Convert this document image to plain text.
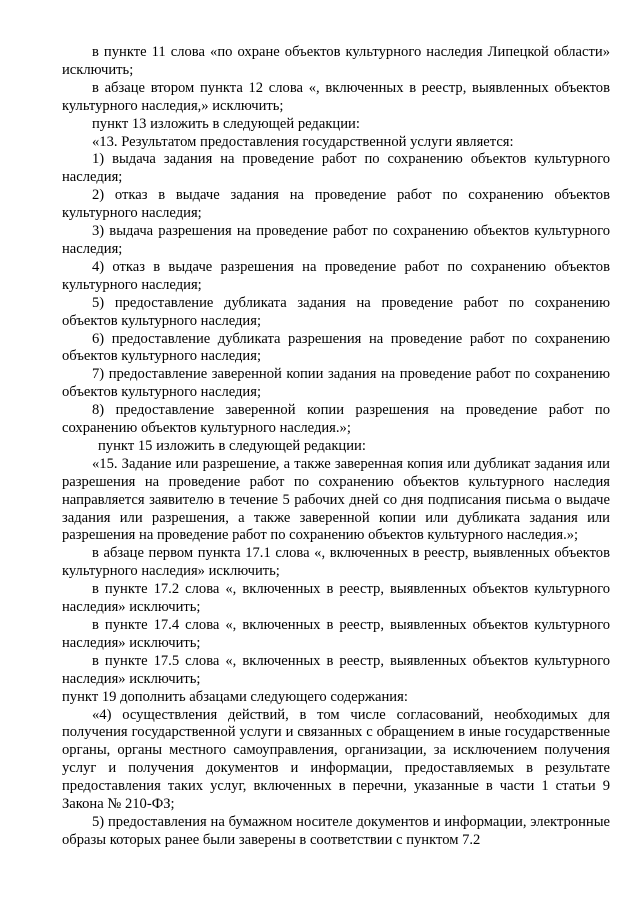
в пункте 11 слова «по охране объектов культурного наследия Липецкой области» исключить;

в абзаце втором пункта 12 слова «, включенных в реестр, выявленных объектов культурного наследия,» исключить;

пункт 13 изложить в следующей редакции:

«13. Результатом предоставления государственной услуги является:

1) выдача задания на проведение работ по сохранению объектов культурного наследия;

2) отказ в выдаче задания на проведение работ по сохранению объектов культурного наследия;

3) выдача разрешения на проведение работ по сохранению объектов культурного наследия;

4) отказ в выдаче разрешения на проведение работ по сохранению объектов культурного наследия;

5) предоставление дубликата задания на проведение работ по сохранению объектов культурного наследия;

6) предоставление дубликата разрешения на проведение работ по сохранению объектов культурного наследия;

7) предоставление заверенной копии задания на проведение работ по сохранению объектов культурного наследия;

8) предоставление заверенной копии разрешения на проведение работ по сохранению объектов культурного наследия.»;

пункт 15 изложить в следующей редакции:

«15. Задание или разрешение, а также заверенная копия или дубликат задания или разрешения на проведение работ по сохранению объектов культурного наследия направляется заявителю в течение 5 рабочих дней со дня подписания письма о выдаче задания или разрешения, а также заверенной копии или дубликата задания или разрешения на проведение работ по сохранению объектов культурного наследия.»;

в абзаце первом пункта 17.1 слова «, включенных в реестр, выявленных объектов культурного наследия» исключить;

в пункте 17.2 слова «, включенных в реестр, выявленных объектов культурного наследия» исключить;

в пункте 17.4 слова «, включенных в реестр, выявленных объектов культурного наследия» исключить;

в пункте 17.5 слова «, включенных в реестр, выявленных объектов культурного наследия» исключить;

пункт 19 дополнить абзацами следующего содержания:

«4) осуществления действий, в том числе согласований, необходимых для получения государственной услуги и связанных с обращением в иные государственные органы, органы местного самоуправления, организации, за исключением получения услуг и получения документов и информации, предоставляемых в результате предоставления таких услуг, включенных в перечни, указанные в части 1 статьи 9 Закона № 210-ФЗ;

5) предоставления на бумажном носителе документов и информации, электронные образы которых ранее были заверены в соответствии с пунктом 7.2
